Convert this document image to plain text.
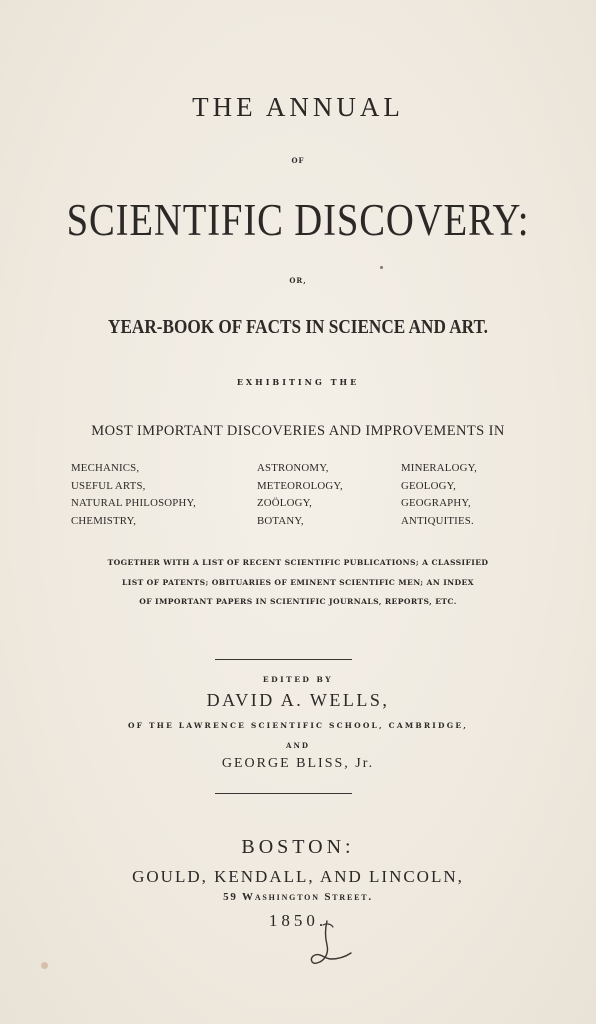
THE ANNUAL
OF
SCIENTIFIC DISCOVERY:
OR,
YEAR-BOOK OF FACTS IN SCIENCE AND ART.
EXHIBITING THE
MOST IMPORTANT DISCOVERIES AND IMPROVEMENTS IN
MECHANICS,
USEFUL ARTS,
NATURAL PHILOSOPHY,
CHEMISTRY,
ASTRONOMY,
METEOROLOGY,
ZOÖLOGY,
BOTANY,
MINERALOGY,
GEOLOGY,
GEOGRAPHY,
ANTIQUITIES.
TOGETHER WITH A LIST OF RECENT SCIENTIFIC PUBLICATIONS; A CLASSIFIED
LIST OF PATENTS; OBITUARIES OF EMINENT SCIENTIFIC MEN; AN INDEX
OF IMPORTANT PAPERS IN SCIENTIFIC JOURNALS, REPORTS, ETC.
EDITED BY
DAVID A. WELLS,
OF THE LAWRENCE SCIENTIFIC SCHOOL, CAMBRIDGE,
AND
GEORGE BLISS, Jr.
BOSTON:
GOULD, KENDALL, AND LINCOLN,
59 Washington Street.
1850.
